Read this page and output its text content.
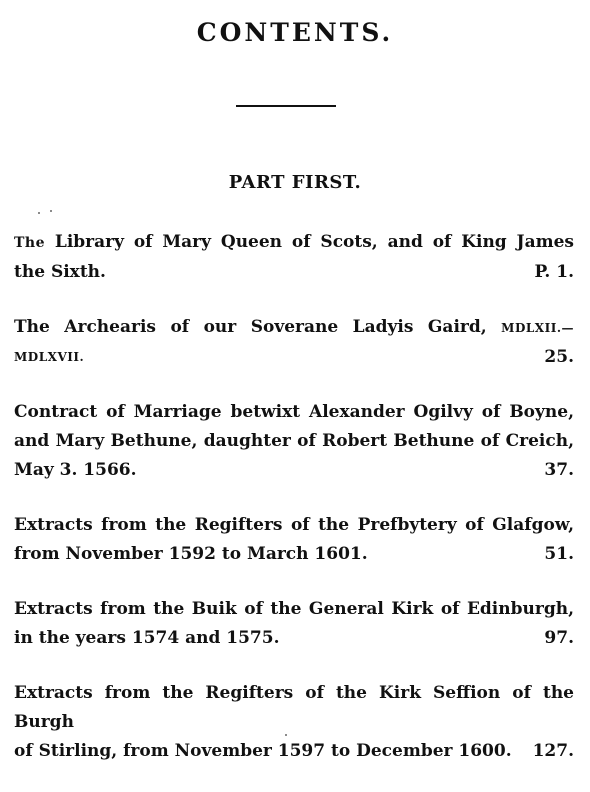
CONTENTS.
PART FIRST.
The Library of Mary Queen of Scots, and of King James
the Sixth.	P. 1.
The Archearis of our Soverane Ladyis Gaird, MDLXII.—
MDLXVII.	25.
Contract of Marriage betwixt Alexander Ogilvy of Boyne,
and Mary Bethune, daughter of Robert Bethune of Creich,
May 3. 1566.	37.
Extracts from the Regifters of the Prefbytery of Glafgow,
from November 1592 to March 1601.	51.
Extracts from the Buik of the General Kirk of Edinburgh,
in the years 1574 and 1575.	97.
Extracts from the Regifters of the Kirk Seffion of the Burgh
of Stirling, from November 1597 to December 1600. 127.
